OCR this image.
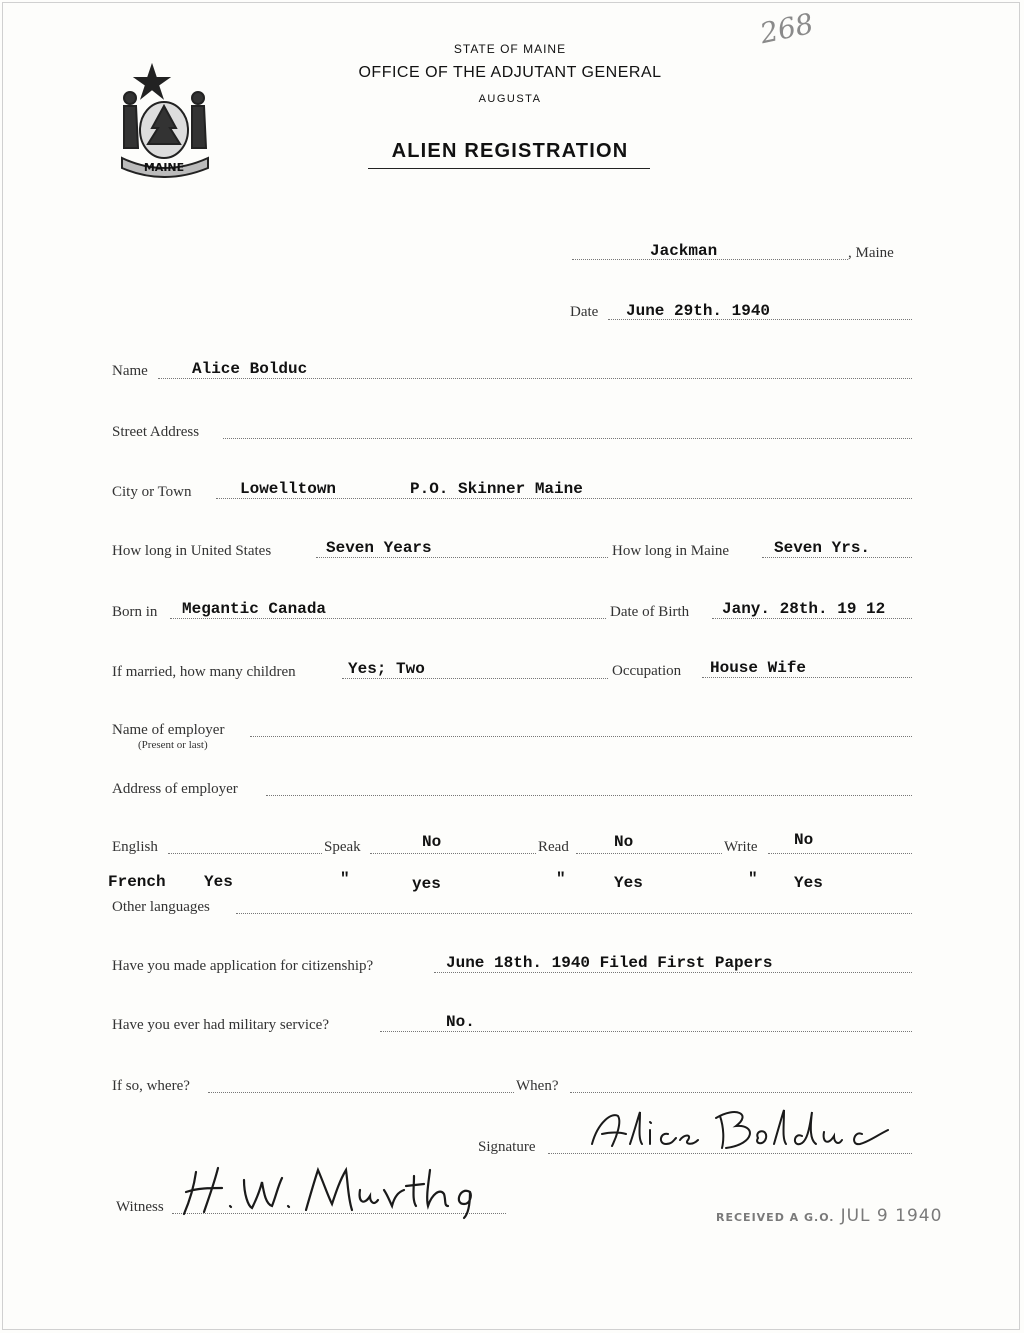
MAINE
268
STATE OF MAINE
OFFICE OF THE ADJUTANT GENERAL
AUGUSTA
ALIEN REGISTRATION
Jackman	, Maine
Date June 29th. 1940
Name	Alice Bolduc
Street Address
City or Town	Lowelltown	P.O. Skinner Maine
How long in United States	Seven Years	How long in Maine	Seven Yrs.
Born in Megantic Canada	Date of Birth Jany. 28th. 19 12
If married, how many children	Yes; Two	Occupation House Wife
Name of employer
(Present or last)
Address of employer
English	Speak	No	Read	No	Write No
French Yes	"	yes	"	Yes	" Yes
Other languages
Have you made application for citizenship?	June 18th. 1940 Filed First Papers
Have you ever had military service?	No.
If so, where?	When?
Signature
Witness
RECEIVED A G.O. JUL 9 1940
